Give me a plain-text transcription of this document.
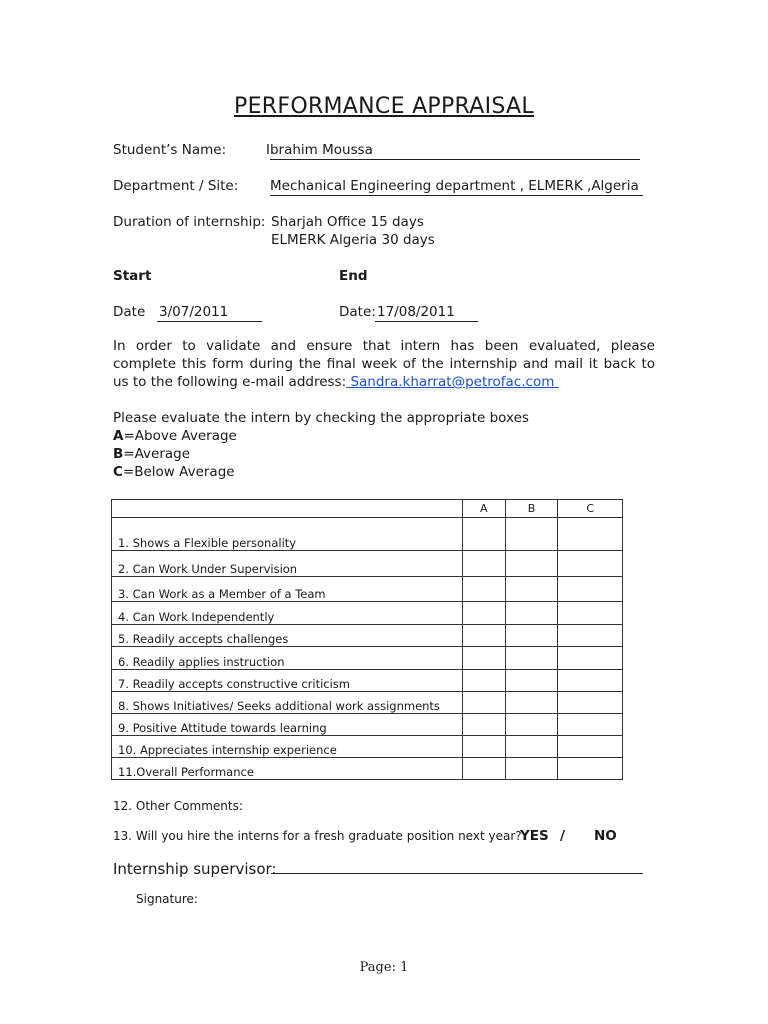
PERFORMANCE APPRAISAL
Student’s Name:	Ibrahim Moussa
Department / Site: Mechanical Engineering department , ELMERK ,Algeria
Duration of internship: Sharjah Office 15 days
ELMERK Algeria 30 days
Start	End
Date 3/07/2011	Date: 17/08/2011
In order to validate and ensure that intern has been evaluated, please
complete this form during the final week of the internship and mail it back to
us to the following e-mail address: Sandra.kharrat@petrofac.com
Please evaluate the intern by checking the appropriate boxes
A=Above Average
B=Average
C=Below Average
	A	B	C
1. Shows a Flexible personality			
2. Can Work Under Supervision			
3. Can Work as a Member of a Team			
4. Can Work Independently			
5. Readily accepts challenges			
6. Readily applies instruction			
7. Readily accepts constructive criticism			
8. Shows Initiatives/ Seeks additional work assignments			
9. Positive Attitude towards learning			
10. Appreciates internship experience			
11.Overall Performance			
12. Other Comments:
13. Will you hire the interns for a fresh graduate position next year?
YES / NO
Internship supervisor:
Signature:
Page: 1
